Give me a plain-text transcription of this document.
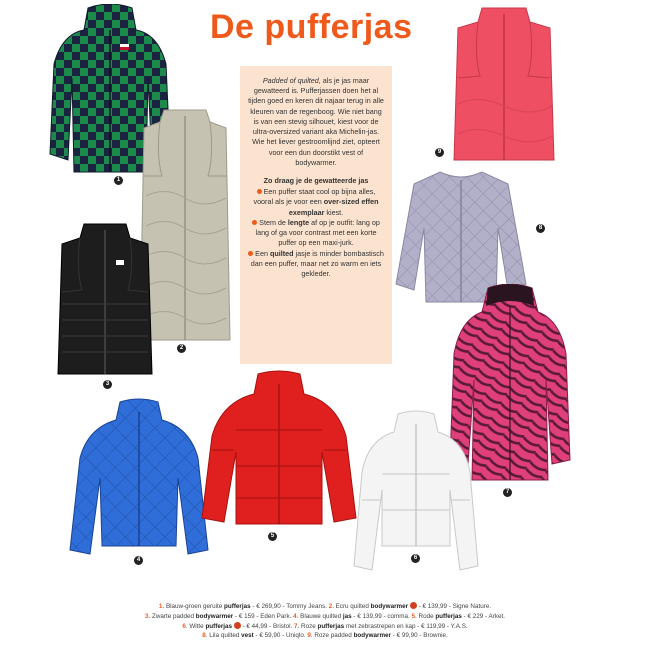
De pufferjas

Padded of quilted, als je jas maar gewatteerd is. Pufferjassen doen het al tijden goed en keren dit najaar terug in alle kleuren van de regenboog. Wie niet bang is van een stevig silhouet, kiest voor de ultra-oversized variant aka Michelin-jas. Wie het liever gestroomlijnd ziet, opteert voor een dun doorstikt vest of bodywarmer.

Zo draag je de gewatteerde jas
Een puffer staat cool op bijna alles, vooral als je voor een over-sized effen exemplaar kiest.
Stem de lengte af op je outfit: lang op lang of ga voor contrast met een korte puffer op een maxi-jurk.
Een quilted jasje is minder bombastisch dan een puffer, maar net zo warm en iets gekleder.
1
2
3
9
8
7
4
5
6
1. Blauw-groen geruite pufferjas - € 269,90 - Tommy Jeans. 2. Ecru quilted bodywarmer  - € 139,99 - Signe Nature.
3. Zwarte padded bodywarmer - € 159 - Eden Park. 4. Blauwe quilted jas - € 139,99 - comma. 5. Rode pufferjas - € 229 - Arket.
6. Witte pufferjas  - € 44,99 - Bristol. 7. Roze pufferjas met zebrastrepen en kap - € 119,99 - Y.A.S.
8. Lila quilted vest - € 59,90 - Uniqlo. 9. Roze padded bodywarmer - € 99,90 - Brownie.
